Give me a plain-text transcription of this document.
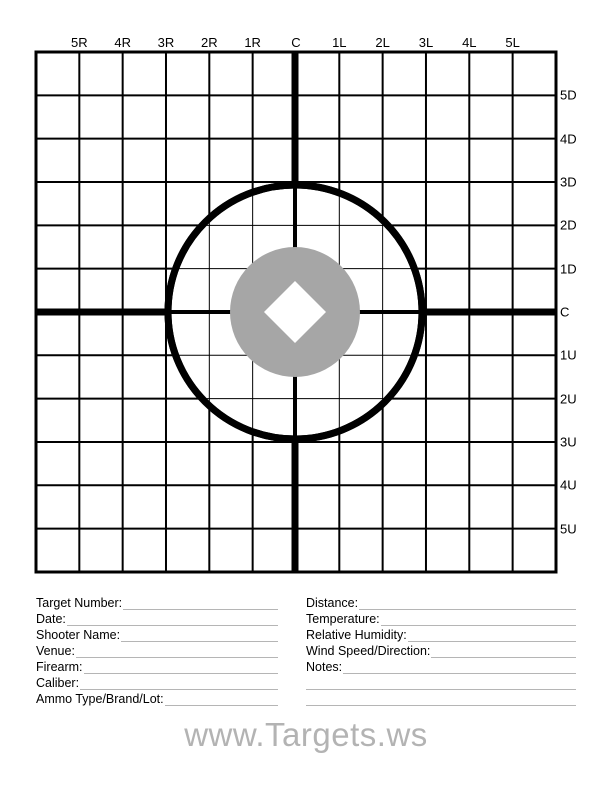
5R 4R 3R 2R 1R C 1L 2L 3L 4L 5L
5D
4D
3D
2D
1D
C
1U
2U
3U
4U
5U
Target Number:
Date:
Shooter Name:
Venue:
Firearm:
Caliber:
Ammo Type/Brand/Lot:
Distance:
Temperature:
Relative Humidity:
Wind Speed/Direction:
Notes:
www.Targets.ws
